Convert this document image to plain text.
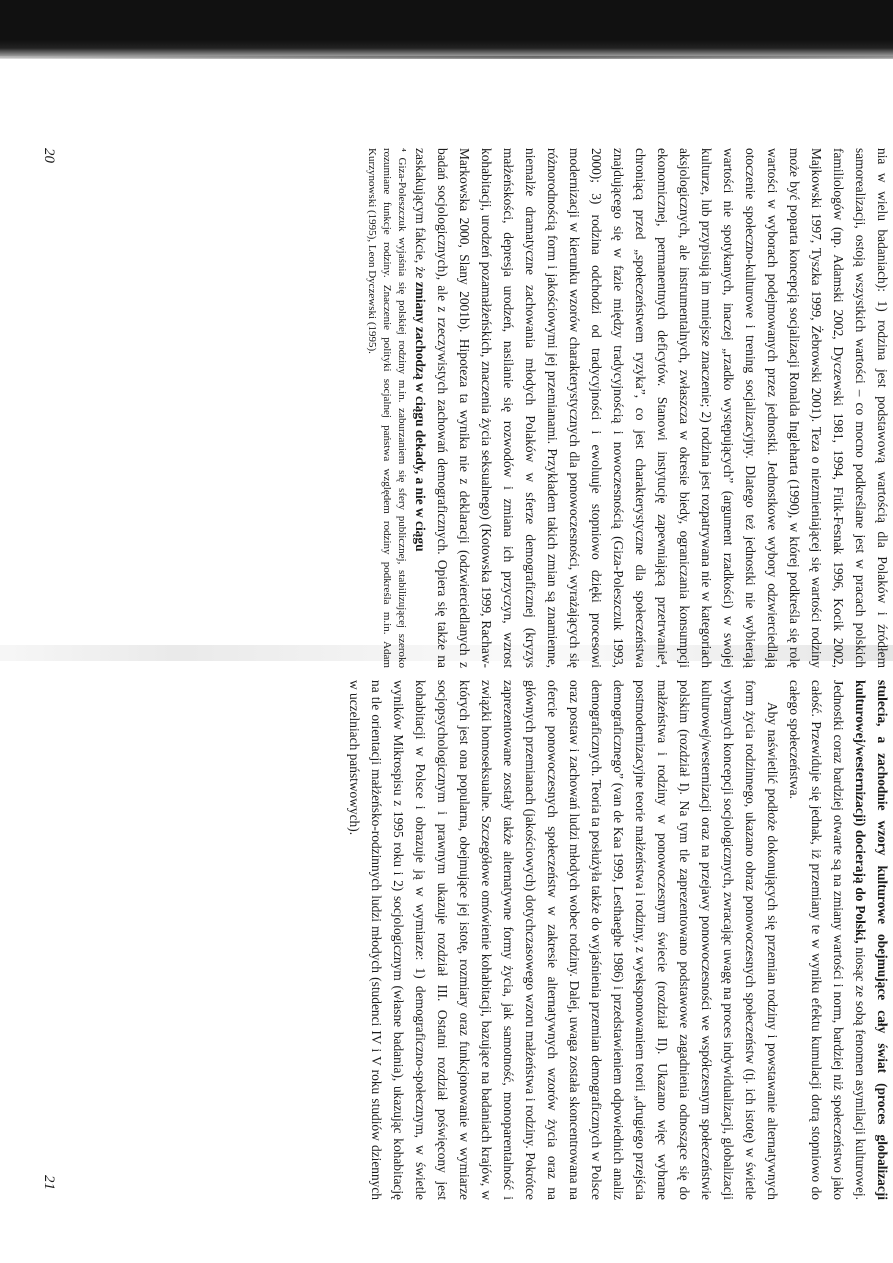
nia w wielu badaniach): 1) rodzina jest podstawową wartością dla Polaków i źródłem samorealizacji, ostoją wszystkich wartości – co mocno podkreślane jest w pracach polskich familiologów (np. Adamski 2002, Dyczewski 1981, 1994, Fitik-Fesnak 1996, Kocik 2002, Majkowski 1997, Tyszka 1999, Żebrowski 2001). Teza o niezmieniającej się wartości rodziny może być poparta koncepcją socjalizacji Ronalda Ingleharta (1990), w której podkreśla się rolę wartości w wyborach podejmowanych przez jednostki. Jednostkowe wybory odzwierciedlają otoczenie społeczno-kulturowe i trening socjalizacyjny. Dlatego też jednostki nie wybierają wartości nie spotykanych, inaczej „rzadko występujących” (argument rzadkości) w swojej kulturze, lub przypisują im mniejsze znaczenie; 2) rodzina jest rozpatrywana nie w kategoriach aksjologicznych, ale instrumentalnych, zwłaszcza w okresie biedy, ograniczania konsumpcji ekonomicznej, permanentnych deficytów. Stanowi instytucję zapewniającą przetrwanie⁴, chroniącą przed „społeczeństwem ryzyka”, co jest charakterystyczne dla społeczeństwa znajdującego się w fazie między tradycyjnością i nowoczesnością (Giza-Poleszczuk 1993, 2000); 3) rodzina odchodzi od tradycyjności i ewoluuje stopniowo dzięki procesowi modernizacji w kierunku wzorów charakterystycznych dla ponowoczesności, wyrażających się różnorodnością form i jakościowymi jej przemianami. Przykładem takich zmian są znamienne, niemalże dramatyczne zachowania młodych Polaków w sferze demograficznej (kryzys małżeńskości, depresja urodzeń, nasilanie się rozwodów i zmiana ich przyczyn, wzrost kohabitacji, urodzeń pozamałżeńskich, znaczenia życia seksualnego) (Kotowska 1999, Rachaw-Markowska 2000, Slany 2001b). Hipoteza ta wynika nie z deklaracji (odzwierciedlanych z badań socjologicznych), ale z rzeczywistych zachowań demograficznych. Opiera się także na zaskakującym fakcie, że zmiany zachodzą w ciągu dekady, a nie w ciągu

⁴ Giza-Poleszczuk wyjaśnia się polskiej rodziny m.in. zaburzaniem się sfery publicznej, stabilizującej szeroko rozumiane funkcje rodziny. Znaczenie polityki socjalnej państwa względem rodziny podkreśla m.in. Adam Kurzynowski (1995), Leon Dyczewski (1995).

20

stulecia, a zachodnie wzory kulturowe obejmujące cały świat (proces globalizacji kulturowej/westernizacji) docierają do Polski, niosąc ze sobą fenomen asymilacji kulturowej. Jednostki coraz bardziej otwarte są na zmiany wartości i norm, bardziej niż społeczeństwo jako całość. Przewiduje się jednak, iż przemiany te w wyniku efektu kumulacji dotrą stopniowo do całego społeczeństwa.

Aby naświetlić podłoże dokonujących się przemian rodziny i powstawanie alternatywnych form życia rodzinnego, ukazano obraz ponowoczesnych społeczeństw (tj. ich istotę) w świetle wybranych koncepcji socjologicznych, zwracając uwagę na proces indywidualizacji, globalizacji kulturowej/westernizacji oraz na przejawy ponowoczesności we współczesnym społeczeństwie polskim (rozdział I). Na tym tle zaprezentowano podstawowe zagadnienia odnoszące się do małżeństwa i rodziny w ponowoczesnym świecie (rozdział II). Ukazano więc wybrane postmodernizacyjne teorie małżeństwa i rodziny, z wyeksponowaniem teorii „drugiego przejścia demograficznego” (van de Kaa 1999, Lesthaeghe 1986) i przedstawieniem odpowiednich analiz demograficznych. Teoria ta posłużyła także do wyjaśnienia przemian demograficznych w Polsce oraz postaw i zachowań ludzi młodych wobec rodziny. Dalej, uwaga została skoncentrowana na ofercie ponowoczesnych społeczeństw w zakresie alternatywnych wzorów życia oraz na głównych przemianach (jakościowych) dotychczasowego wzoru małżeństwa i rodziny. Pokrótce zaprezentowane zostały także alternatywne formy życia, jak samotność, monoparentalność i związki homoseksualne. Szczegółowe omówienie kohabitacji, bazujące na badaniach krajów, w których jest ona popularna, obejmujące jej istotę, rozmiary oraz funkcjonowanie w wymiarze socjopsychologicznym i prawnym ukazuje rozdział III. Ostatni rozdział poświęcony jest kohabitacji w Polsce i obrazuje ją w wymiarze: 1) demograficzno-społecznym, w świetle wyników Mikrospisu z 1995 roku i 2) socjologicznym (własne badania), ukazując kohabitację na tle orientacji małżeńsko-rodzinnych ludzi młodych (studenci IV i V roku studiów dziennych w uczelniach państwowych).

21
